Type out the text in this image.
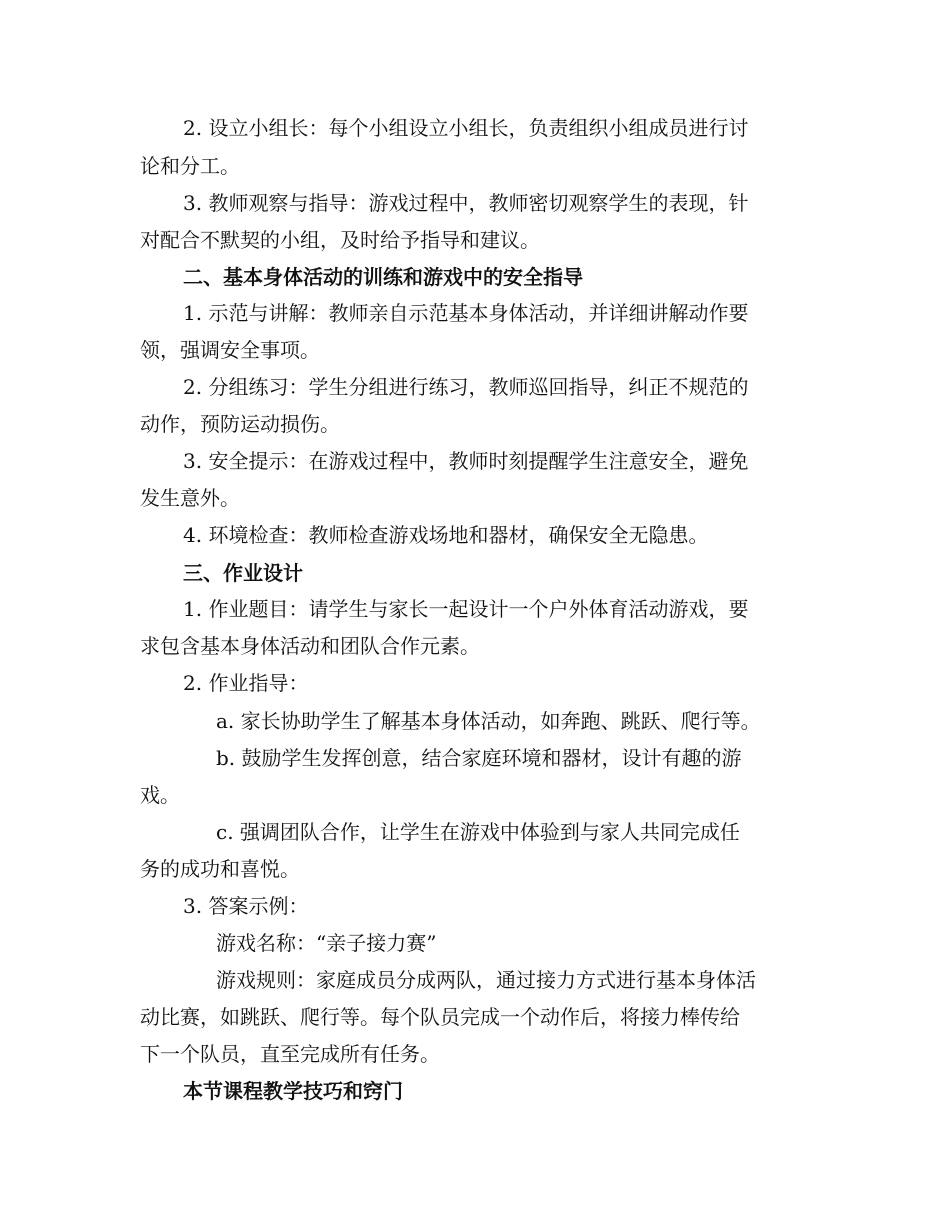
2. 设立小组长：每个小组设立小组长，负责组织小组成员进行讨
论和分工。
3. 教师观察与指导：游戏过程中，教师密切观察学生的表现，针
对配合不默契的小组，及时给予指导和建议。
二、基本身体活动的训练和游戏中的安全指导
1. 示范与讲解：教师亲自示范基本身体活动，并详细讲解动作要
领，强调安全事项。
2. 分组练习：学生分组进行练习，教师巡回指导，纠正不规范的
动作，预防运动损伤。
3. 安全提示：在游戏过程中，教师时刻提醒学生注意安全，避免
发生意外。
4. 环境检查：教师检查游戏场地和器材，确保安全无隐患。
三、作业设计
1. 作业题目：请学生与家长一起设计一个户外体育活动游戏，要
求包含基本身体活动和团队合作元素。
2. 作业指导：
a. 家长协助学生了解基本身体活动，如奔跑、跳跃、爬行等。
b. 鼓励学生发挥创意，结合家庭环境和器材，设计有趣的游
戏。
c. 强调团队合作，让学生在游戏中体验到与家人共同完成任
务的成功和喜悦。
3. 答案示例：
游戏名称：“亲子接力赛”
游戏规则：家庭成员分成两队，通过接力方式进行基本身体活
动比赛，如跳跃、爬行等。每个队员完成一个动作后，将接力棒传给
下一个队员，直至完成所有任务。
本节课程教学技巧和窍门
